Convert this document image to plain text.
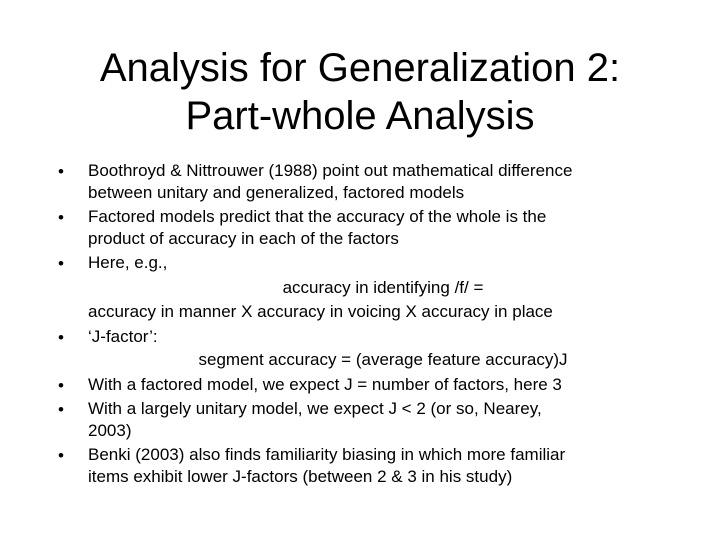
Analysis for Generalization 2:
Part-whole Analysis
•	Boothroyd & Nittrouwer (1988) point out mathematical difference
between unitary and generalized, factored models
•	Factored models predict that the accuracy of the whole is the
product of accuracy in each of the factors
•	Here, e.g.,
accuracy in identifying /f/ =
accuracy in manner X accuracy in voicing X accuracy in place
•	‘J-factor’:
segment accuracy = (average feature accuracy)J
•	With a factored model, we expect J = number of factors, here 3
•	With a largely unitary model, we expect J < 2 (or so, Nearey,
2003)
•	Benki (2003) also finds familiarity biasing in which more familiar
items exhibit lower J-factors (between 2 & 3 in his study)
